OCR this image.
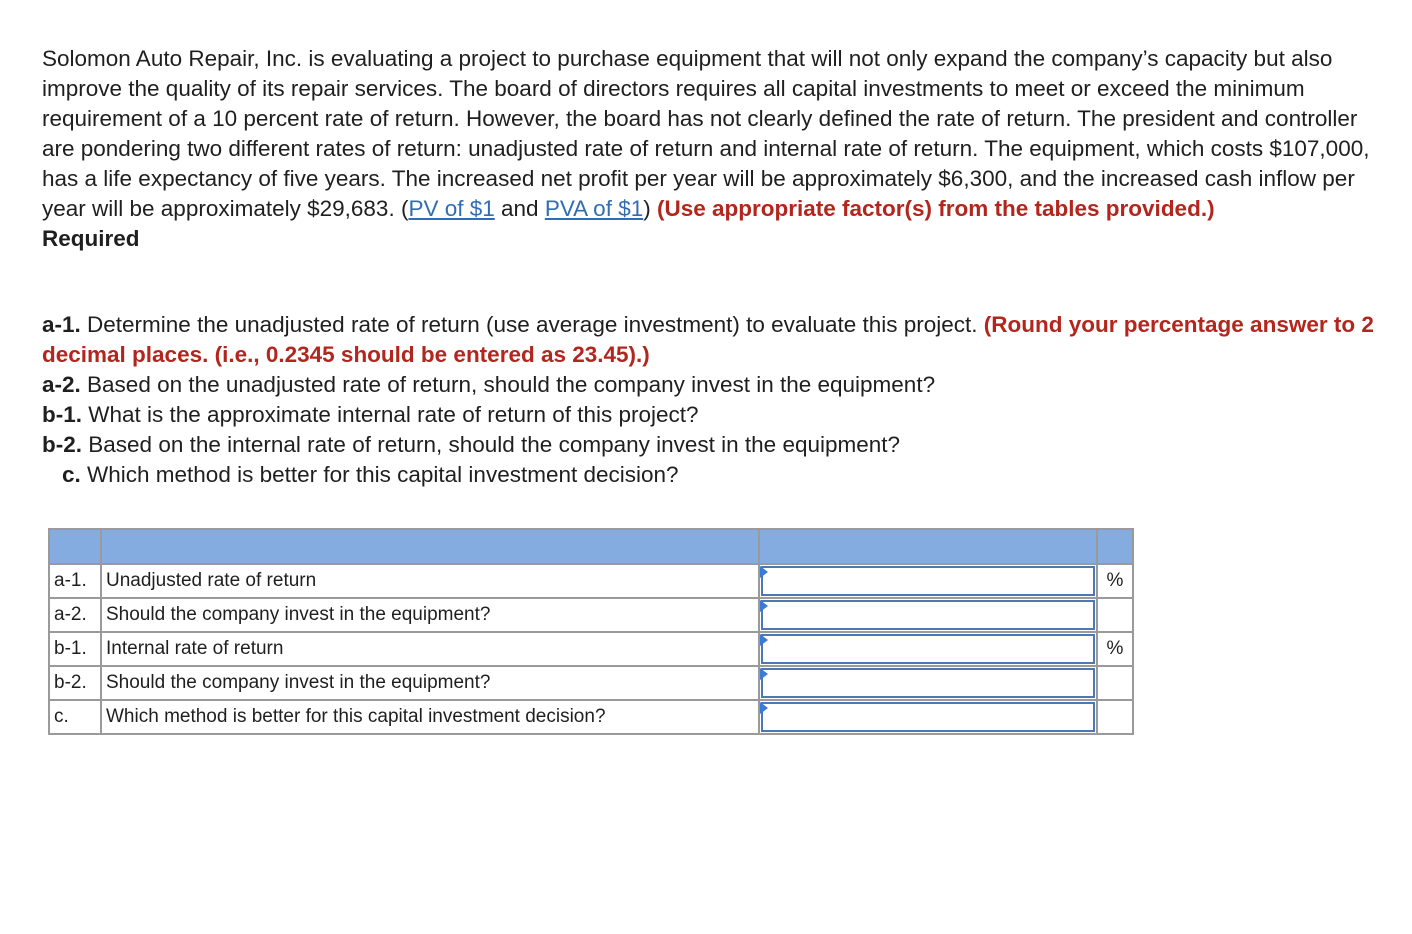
Solomon Auto Repair, Inc. is evaluating a project to purchase equipment that will not only expand the company’s capacity but also improve the quality of its repair services. The board of directors requires all capital investments to meet or exceed the minimum requirement of a 10 percent rate of return. However, the board has not clearly defined the rate of return. The president and controller are pondering two different rates of return: unadjusted rate of return and internal rate of return. The equipment, which costs $107,000, has a life expectancy of five years. The increased net profit per year will be approximately $6,300, and the increased cash inflow per year will be approximately $29,683. (PV of $1 and PVA of $1) (Use appropriate factor(s) from the tables provided.)

Required

a-1. Determine the unadjusted rate of return (use average investment) to evaluate this project. (Round your percentage answer to 2 decimal places. (i.e., 0.2345 should be entered as 23.45).)

a-2. Based on the unadjusted rate of return, should the company invest in the equipment?

b-1. What is the approximate internal rate of return of this project?

b-2. Based on the internal rate of return, should the company invest in the equipment?

c. Which method is better for this capital investment decision?

a-1.	Unadjusted rate of return		%
a-2.	Should the company invest in the equipment?	

b-1.	Internal rate of return		%
b-2.	Should the company invest in the equipment?	

c.	Which method is better for this capital investment decision?	
